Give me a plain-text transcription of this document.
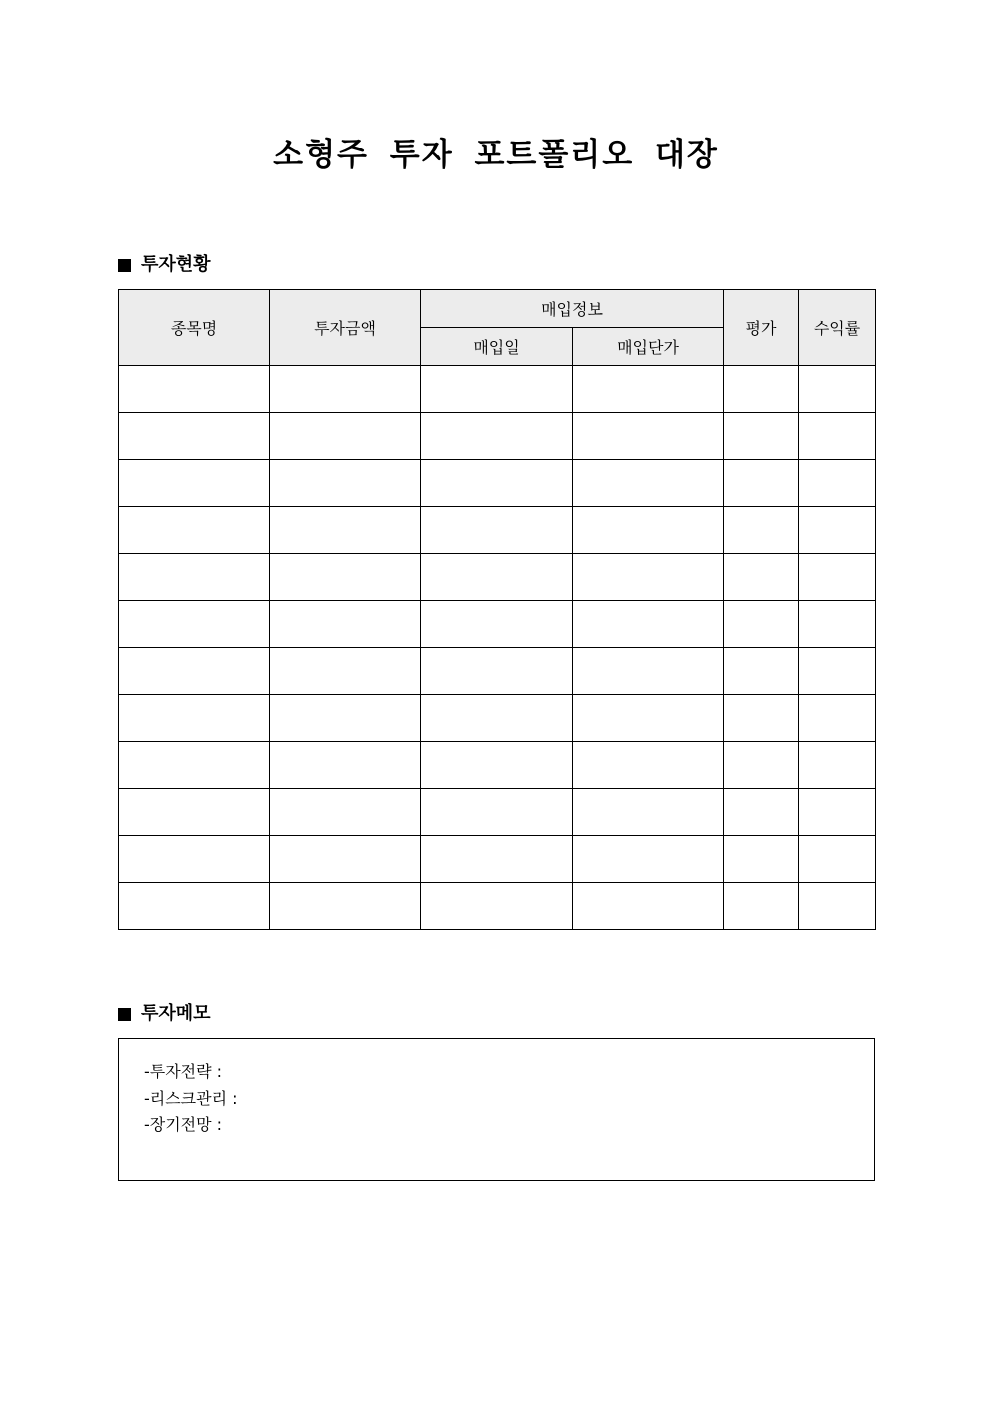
소형주 투자 포트폴리오 대장
투자현황
종목명	투자금액	매입정보		평가	수익률
		매입일	매입단가		

투자메모
-투자전략 :
-리스크관리 :
-장기전망 :
